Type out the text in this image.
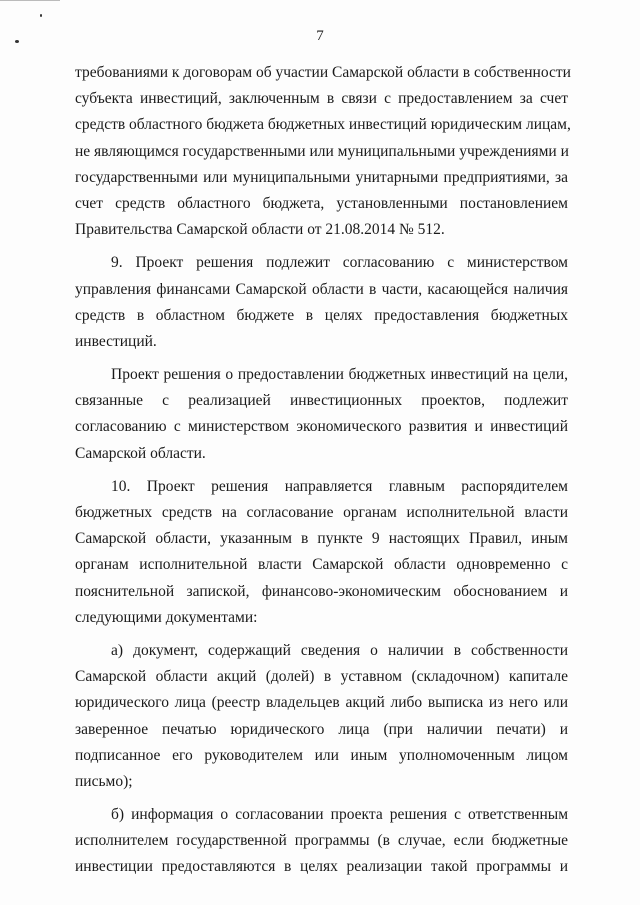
7
требованиями к договорам об участии Самарской области в собственности
субъекта инвестиций, заключенным в связи с предоставлением за счет
средств областного бюджета бюджетных инвестиций юридическим лицам,
не являющимся государственными или муниципальными учреждениями и
государственными или муниципальными унитарными предприятиями, за
счет средств областного бюджета, установленными постановлением
Правительства Самарской области от 21.08.2014 № 512.
9. Проект решения подлежит согласованию с министерством
управления финансами Самарской области в части, касающейся наличия
средств в областном бюджете в целях предоставления бюджетных
инвестиций.
Проект решения о предоставлении бюджетных инвестиций на цели,
связанные с реализацией инвестиционных проектов, подлежит
согласованию с министерством экономического развития и инвестиций
Самарской области.
10. Проект решения направляется главным распорядителем
бюджетных средств на согласование органам исполнительной власти
Самарской области, указанным в пункте 9 настоящих Правил, иным
органам исполнительной власти Самарской области одновременно с
пояснительной запиской, финансово-экономическим обоснованием и
следующими документами:
а) документ, содержащий сведения о наличии в собственности
Самарской области акций (долей) в уставном (складочном) капитале
юридического лица (реестр владельцев акций либо выписка из него или
заверенное печатью юридического лица (при наличии печати) и
подписанное его руководителем или иным уполномоченным лицом
письмо);
б) информация о согласовании проекта решения с ответственным
исполнителем государственной программы (в случае, если бюджетные
инвестиции предоставляются в целях реализации такой программы и
